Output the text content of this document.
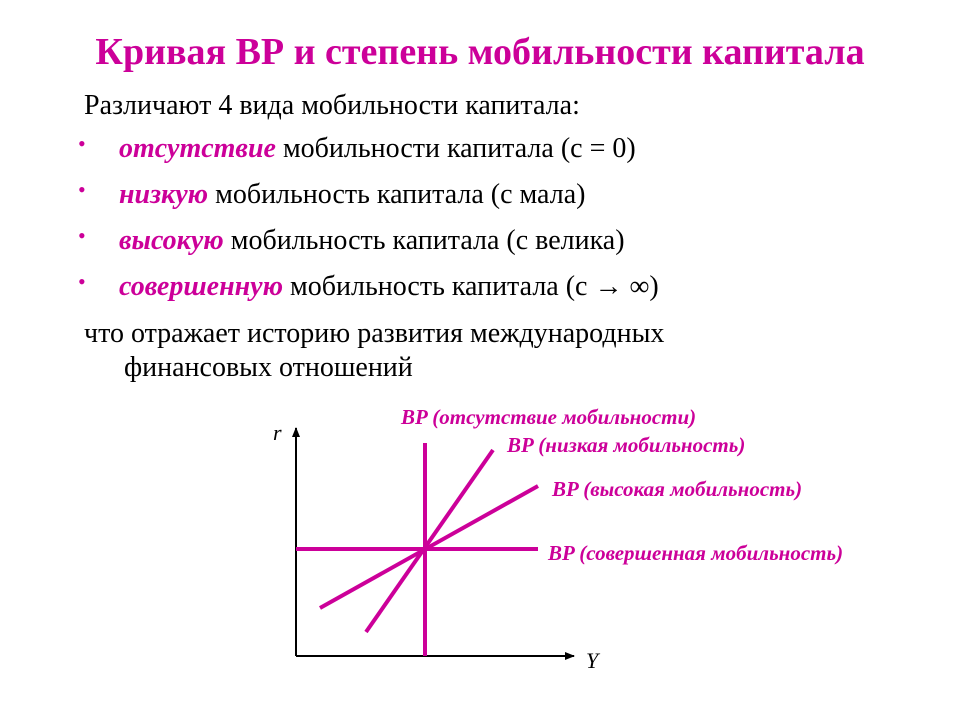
Кривая ВР и степень мобильности капитала
Различают 4 вида мобильности капитала:
• отсутствие мобильности капитала (с = 0)
• низкую мобильность капитала (с мала)
• высокую мобильность капитала (с велика)
• совершенную мобильность капитала (с → ∞)
что отражает историю развития международных
финансовых отношений
r
Y
BP (отсутствие мобильности)
BP (низкая мобильность)
BP (высокая мобильность)
BP (совершенная мобильность)
